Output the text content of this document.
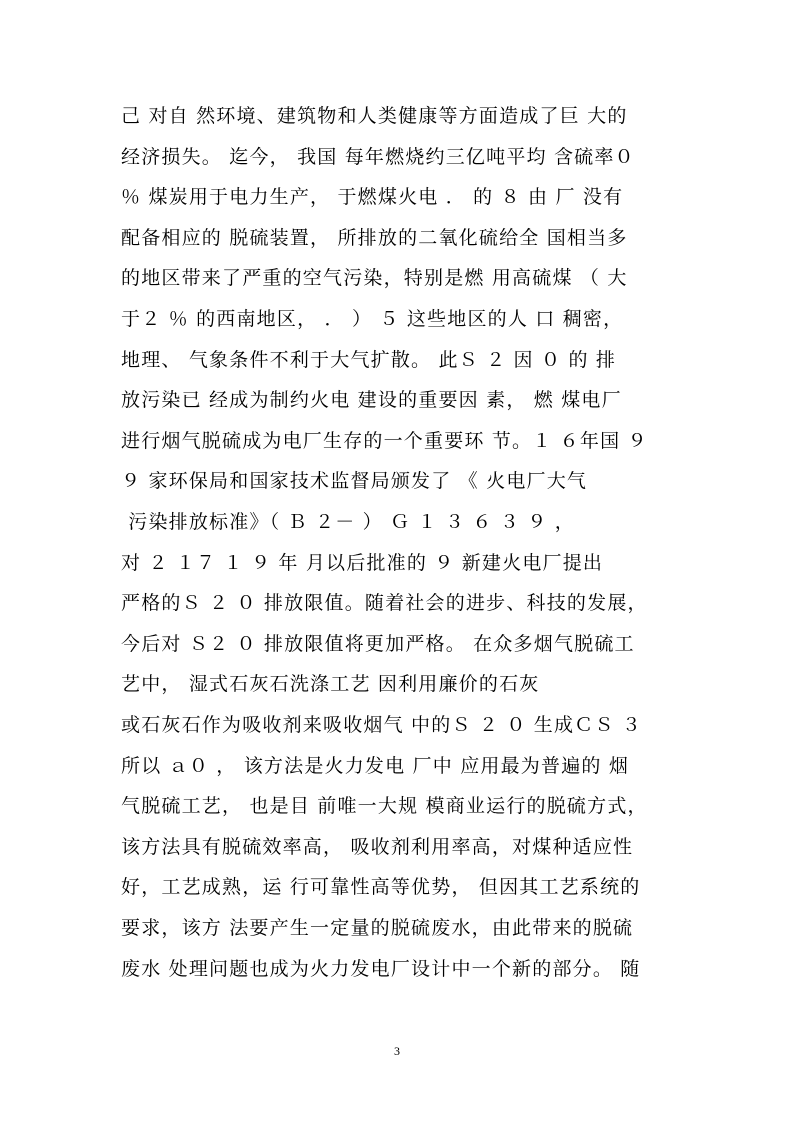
己 对自 然环境、建筑物和人类健康等方面造成了巨 大的
经济损失。 迄今， 我国 每年燃烧约三亿吨平均 含硫率０
％ 煤炭用于电力生产， 于燃煤火电 ． 的 ８ 由 厂 没有
配备相应的 脱硫装置， 所排放的二氧化硫给全 国相当多
的地区带来了严重的空气污染，特别是燃 用高硫煤 （ 大
于２ ％ 的西南地区， ． ） ５ 这些地区的人 口 稠密，
地理、 气象条件不利于大气扩散。 此Ｓ ２ 因 ０ 的 排
放污染已 经成为制约火电 建设的重要因 素， 燃 煤电厂
进行烟气脱硫成为电厂生存的一个重要环 节。１ ６年国 ９
９ 家环保局和国家技术监督局颁发了 《 火电厂大气
污染排放标准》（ Ｂ ２－ ） Ｇ １ ３ ６ ３ ９ ，
对 ２ １７ １ ９ 年 月以后批准的 ９ 新建火电厂提出
严格的Ｓ ２ ０ 排放限值。随着社会的进步、科技的发展，
今后对 Ｓ２ ０ 排放限值将更加严格。 在众多烟气脱硫工
艺中， 湿式石灰石洗涤工艺 因利用廉价的石灰
或石灰石作为吸收剂来吸收烟气 中的Ｓ ２ ０ 生成ＣＳ ３
所以 ａ０ ， 该方法是火力发电 厂中 应用最为普遍的 烟
气脱硫工艺， 也是目 前唯一大规 模商业运行的脱硫方式，
该方法具有脱硫效率高， 吸收剂利用率高，对煤种适应性
好，工艺成熟，运 行可靠性高等优势， 但因其工艺系统的
要求，该方 法要产生一定量的脱硫废水，由此带来的脱硫
废水 处理问题也成为火力发电厂设计中一个新的部分。 随
3
